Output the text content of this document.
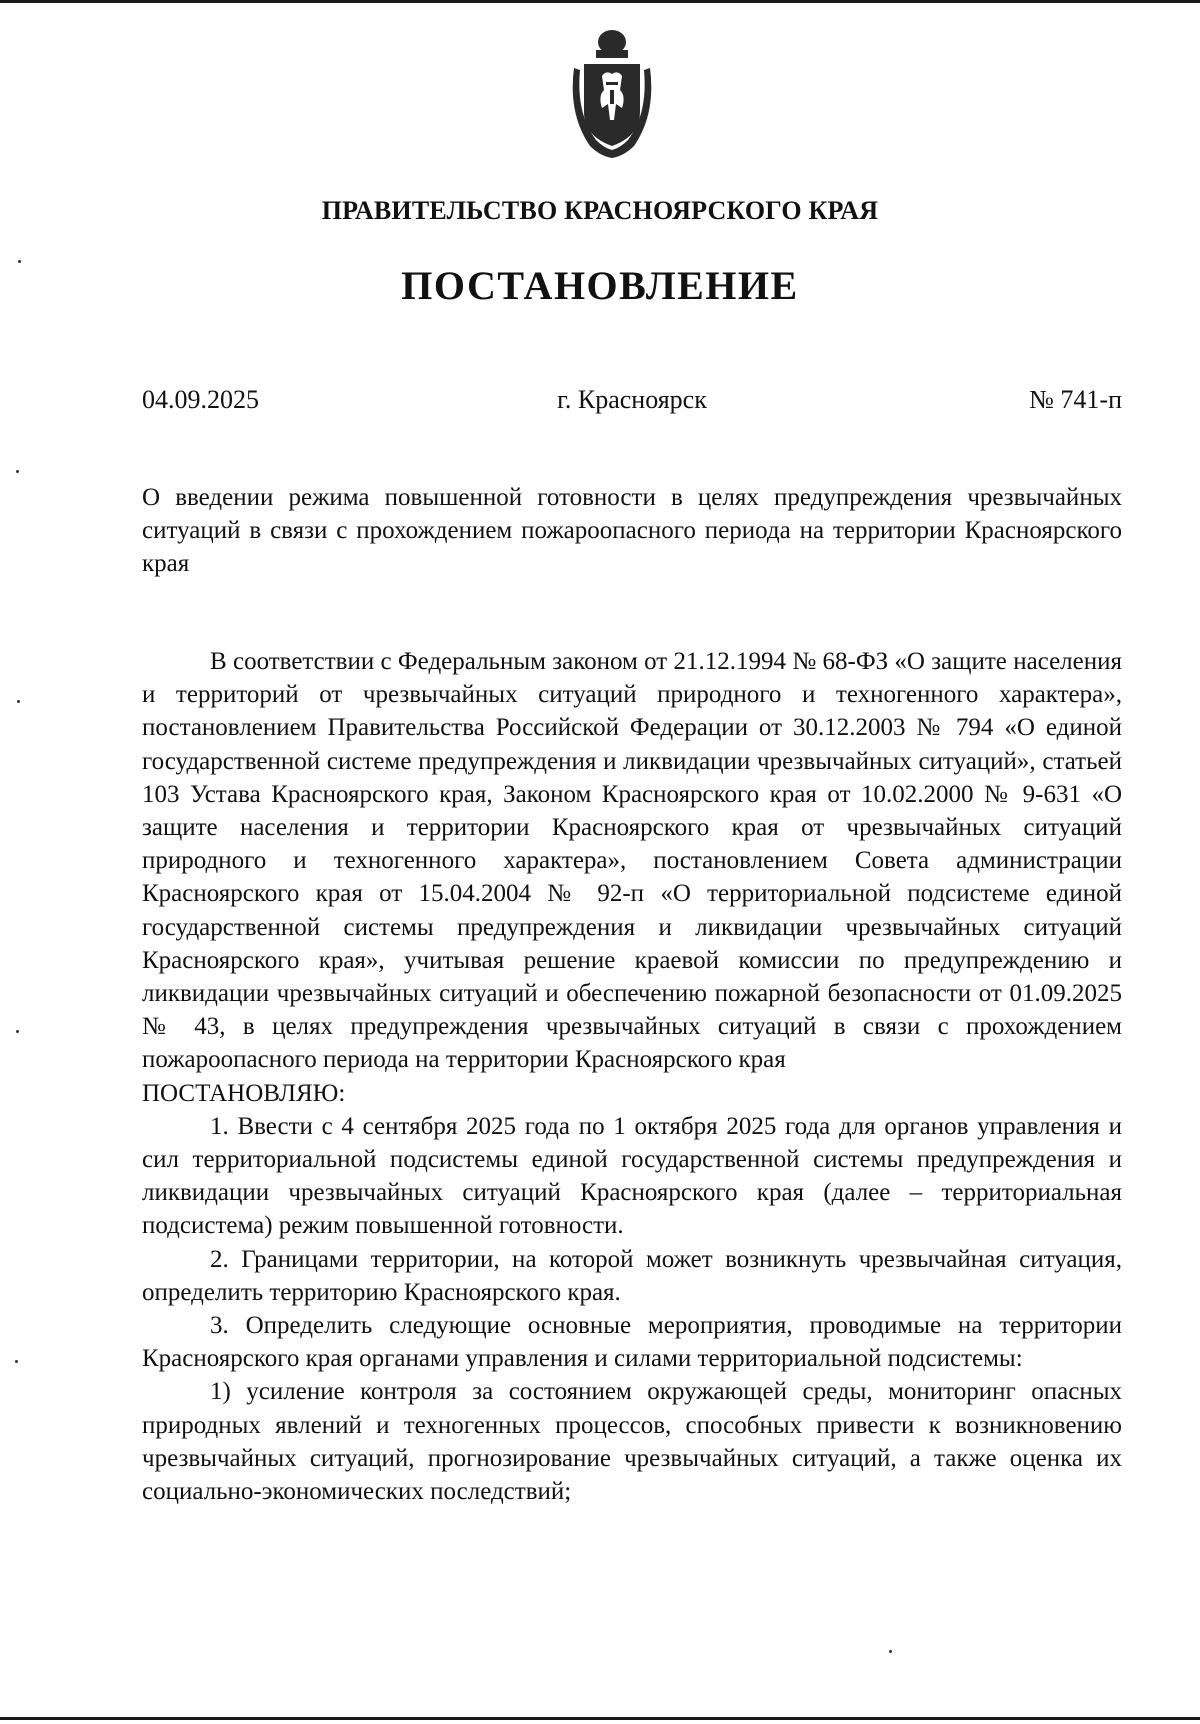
ПРАВИТЕЛЬСТВО КРАСНОЯРСКОГО КРАЯ
ПОСТАНОВЛЕНИЕ
04.09.2025	г. Красноярск	№ 741-п
О введении режима повышенной готовности в целях предупреждения чрезвычайных ситуаций в связи с прохождением пожароопасного периода на территории Красноярского края

В соответствии с Федеральным законом от 21.12.1994 № 68-ФЗ «О защите населения и территорий от чрезвычайных ситуаций природного и техногенного характера», постановлением Правительства Российской Федерации от 30.12.2003 № 794 «О единой государственной системе предупреждения и ликвидации чрезвычайных ситуаций», статьей 103 Устава Красноярского края, Законом Красноярского края от 10.02.2000 № 9-631 «О защите населения и территории Красноярского края от чрезвычайных ситуаций природного и техногенного характера», постановлением Совета администрации Красноярского края от 15.04.2004 № 92-п «О территориальной подсистеме единой государственной системы предупреждения и ликвидации чрезвычайных ситуаций Красноярского края», учитывая решение краевой комиссии по предупреждению и ликвидации чрезвычайных ситуаций и обеспечению пожарной безопасности от 01.09.2025 № 43, в целях предупреждения чрезвычайных ситуаций в связи с прохождением пожароопасного периода на территории Красноярского края

ПОСТАНОВЛЯЮ:

1. Ввести с 4 сентября 2025 года по 1 октября 2025 года для органов управления и сил территориальной подсистемы единой государственной системы предупреждения и ликвидации чрезвычайных ситуаций Красноярского края (далее – территориальная подсистема) режим повышенной готовности.

2. Границами территории, на которой может возникнуть чрезвычайная ситуация, определить территорию Красноярского края.

3. Определить следующие основные мероприятия, проводимые на территории Красноярского края органами управления и силами территориальной подсистемы:

1) усиление контроля за состоянием окружающей среды, мониторинг опасных природных явлений и техногенных процессов, способных привести к возникновению чрезвычайных ситуаций, прогнозирование чрезвычайных ситуаций, а также оценка их социально-экономических последствий;
